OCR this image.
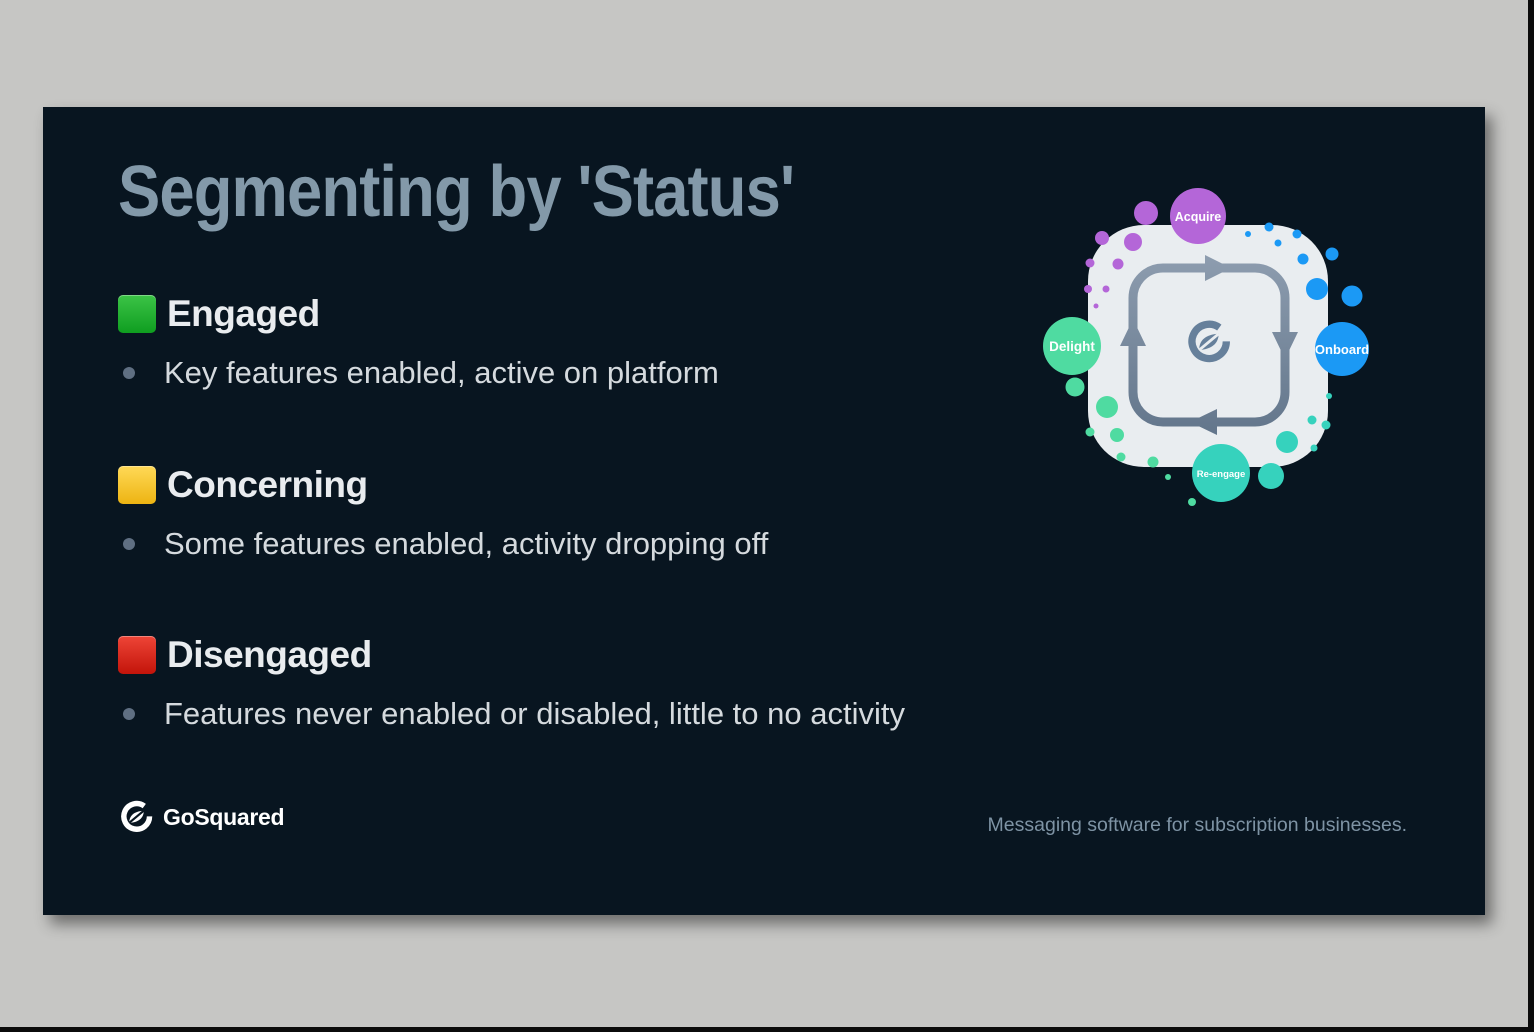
Segmenting by 'Status'
Engaged
Key features enabled, active on platform
Concerning
Some features enabled, activity dropping off
Disengaged
Features never enabled or disabled, little to no activity
Acquire
Onboard
Delight
Re-engage
GoSquared	Messaging software for subscription businesses.
